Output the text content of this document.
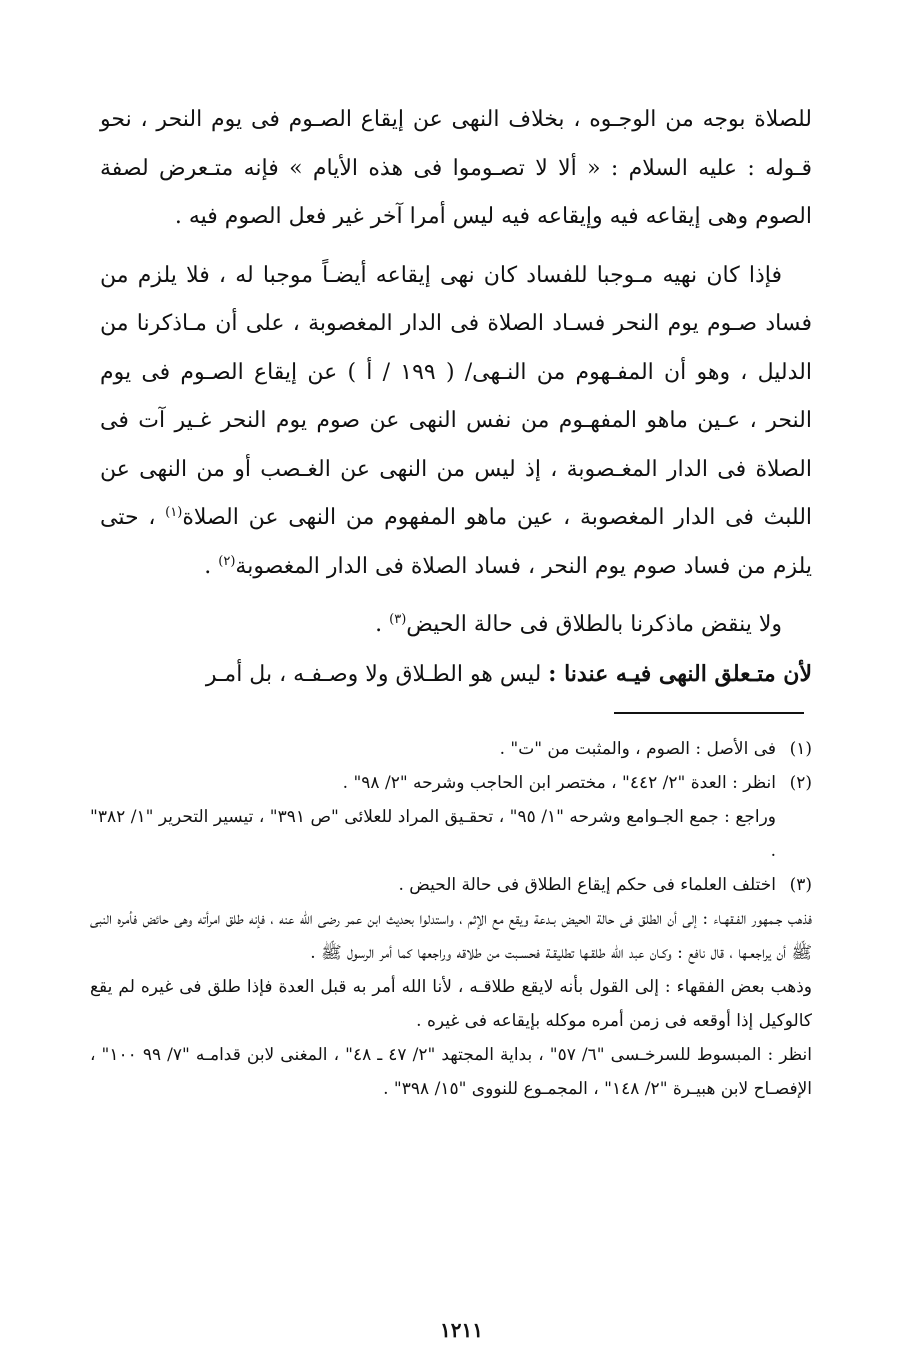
للصلاة بوجه من الوجـوه ، بخلاف النهى عن إيقاع الصـوم فى يوم النحر ، نحو قـوله : عليه السلام : « ألا لا تصـوموا فى هذه الأيام » فإنه متـعرض لصفة الصوم وهى إيقاعه فيه وإيقاعه فيه ليس أمرا آخر غير فعل الصوم فيه .

فإذا كان نهيه مـوجبا للفساد كان نهى إيقاعه أيضـاً موجبا له ، فلا يلزم من فساد صـوم يوم النحر فسـاد الصلاة فى الدار المغصوبة ، على أن مـاذكرنا من الدليل ، وهو أن المفـهوم من النـهى/ ( ١٩٩ / أ ) عن إيقاع الصـوم فى يوم النحر ، عـين ماهو المفهـوم من نفس النهى عن صوم يوم النحر غـير آت فى الصلاة فى الدار المغـصوبة ، إذ ليس من النهى عن الغـصب أو من النهى عن اللبث فى الدار المغصوبة ، عين ماهو المفهوم من النهى عن الصلاة$^{(١)}$ ، حتى يلزم من فساد صوم يوم النحر ، فساد الصلاة فى الدار المغصوبة$^{(٢)}$ .

ولا ينقض ماذكرنا بالطلاق فى حالة الحيض$^{(٣)}$ .

لأن متـعلق النهى فيـه عندنا : ليس هو الطـلاق ولا وصـفـه ، بل أمـر

(١)فى الأصل : الصوم ، والمثبت من "ت" .

(٢)انظر : العدة "٢/ ٤٤٢" ، مختصر ابن الحاجب وشرحه "٢/ ٩٨" .

وراجع : جمع الجـوامع وشرحه "١/ ٩٥" ، تحقـيق المراد للعلائى "ص ٣٩١" ، تيسير التحرير "١/ ٣٨٢" .

(٣)اختلف العلماء فى حكم إيقاع الطلاق فى حالة الحيض .

فذهب جـمهور الفـقهـاء : إلى أن الطلق فى حالة الحيض بـدعة ويقع مع الإثم ، واستدلوا بحديث ابن عمر رضى الله عنه ، فإنه طلق امرأته وهى حائض فأمره النبى ﷺ أن يراجعـها ، قال نافع : وكـان عبد الله طلقـها تطليقـة فحسـبت من طلاقه وراجعها كما أمر الرسول ﷺ .

وذهب بعض الفقهاء : إلى القول بأنه لايقع طلاقـه ، لأنا الله أمر به قبل العدة فإذا طلق فى غيره لم يقع كالوكيل إذا أوقعه فى زمن أمره موكله بإيقاعه فى غيره .

انظر : المبسوط للسرخـسى "٦/ ٥٧" ، بداية المجتهد "٢/ ٤٧ ـ ٤٨" ، المغنى لابن قدامـه "٧/ ٩٩ ١٠٠" ، الإفصـاح لابن هبيـرة "٢/ ١٤٨" ، المجمـوع للنووى "١٥/ ٣٩٨" .

١٢١١
